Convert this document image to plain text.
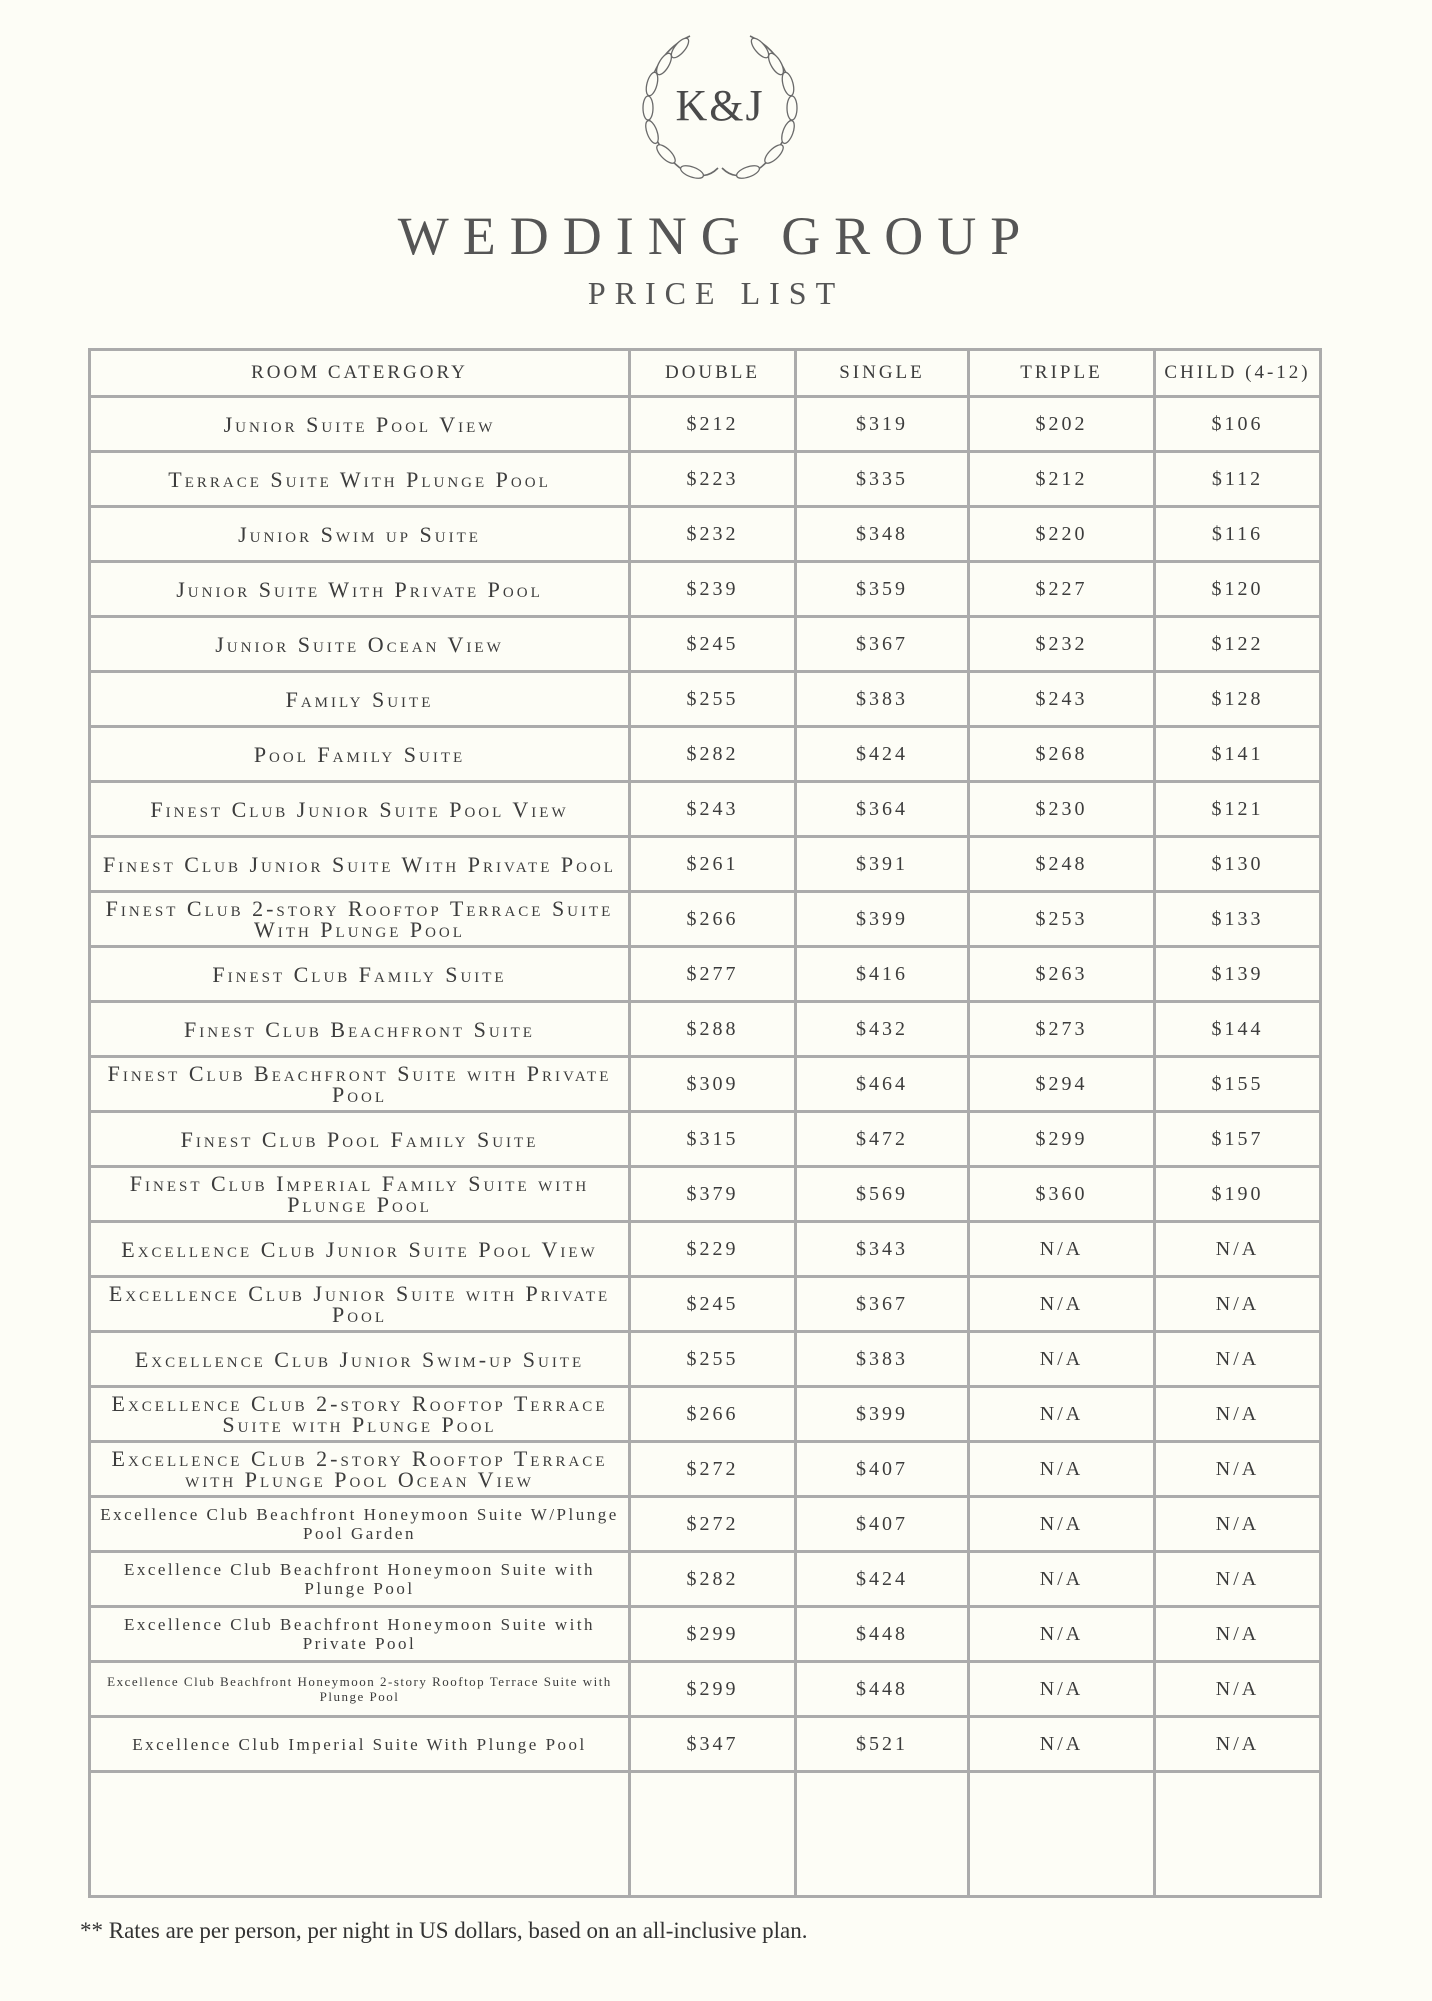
K&J
WEDDING GROUP
PRICE LIST
ROOM CATERGORY	DOUBLE	SINGLE	TRIPLE	CHILD (4-12)
Junior Suite Pool View	$212	$319	$202	$106
Terrace Suite With Plunge Pool	$223	$335	$212	$112
Junior Swim up Suite	$232	$348	$220	$116
Junior Suite With Private Pool	$239	$359	$227	$120
Junior Suite Ocean View	$245	$367	$232	$122
Family Suite	$255	$383	$243	$128
Pool Family Suite	$282	$424	$268	$141
Finest Club Junior Suite Pool View	$243	$364	$230	$121
Finest Club Junior Suite With Private Pool	$261	$391	$248	$130
Finest Club 2-story Rooftop Terrace Suite With Plunge Pool	$266	$399	$253	$133
Finest Club Family Suite	$277	$416	$263	$139
Finest Club Beachfront Suite	$288	$432	$273	$144
Finest Club Beachfront Suite with Private Pool	$309	$464	$294	$155
Finest Club Pool Family Suite	$315	$472	$299	$157
Finest Club Imperial Family Suite with Plunge Pool	$379	$569	$360	$190
Excellence Club Junior Suite Pool View	$229	$343	N/A	N/A
Excellence Club Junior Suite with Private Pool	$245	$367	N/A	N/A
Excellence Club Junior Swim-up Suite	$255	$383	N/A	N/A
Excellence Club 2-story Rooftop Terrace Suite with Plunge Pool	$266	$399	N/A	N/A
Excellence Club 2-story Rooftop Terrace with Plunge Pool Ocean View	$272	$407	N/A	N/A
Excellence Club Beachfront Honeymoon Suite W/Plunge Pool Garden	$272	$407	N/A	N/A
Excellence Club Beachfront Honeymoon Suite with Plunge Pool	$282	$424	N/A	N/A
Excellence Club Beachfront Honeymoon Suite with Private Pool	$299	$448	N/A	N/A
Excellence Club Beachfront Honeymoon 2-story Rooftop Terrace Suite with Plunge Pool	$299	$448	N/A	N/A
Excellence Club Imperial Suite With Plunge Pool	$347	$521	N/A	N/A

** Rates are per person, per night in US dollars, based on an all-inclusive plan.
